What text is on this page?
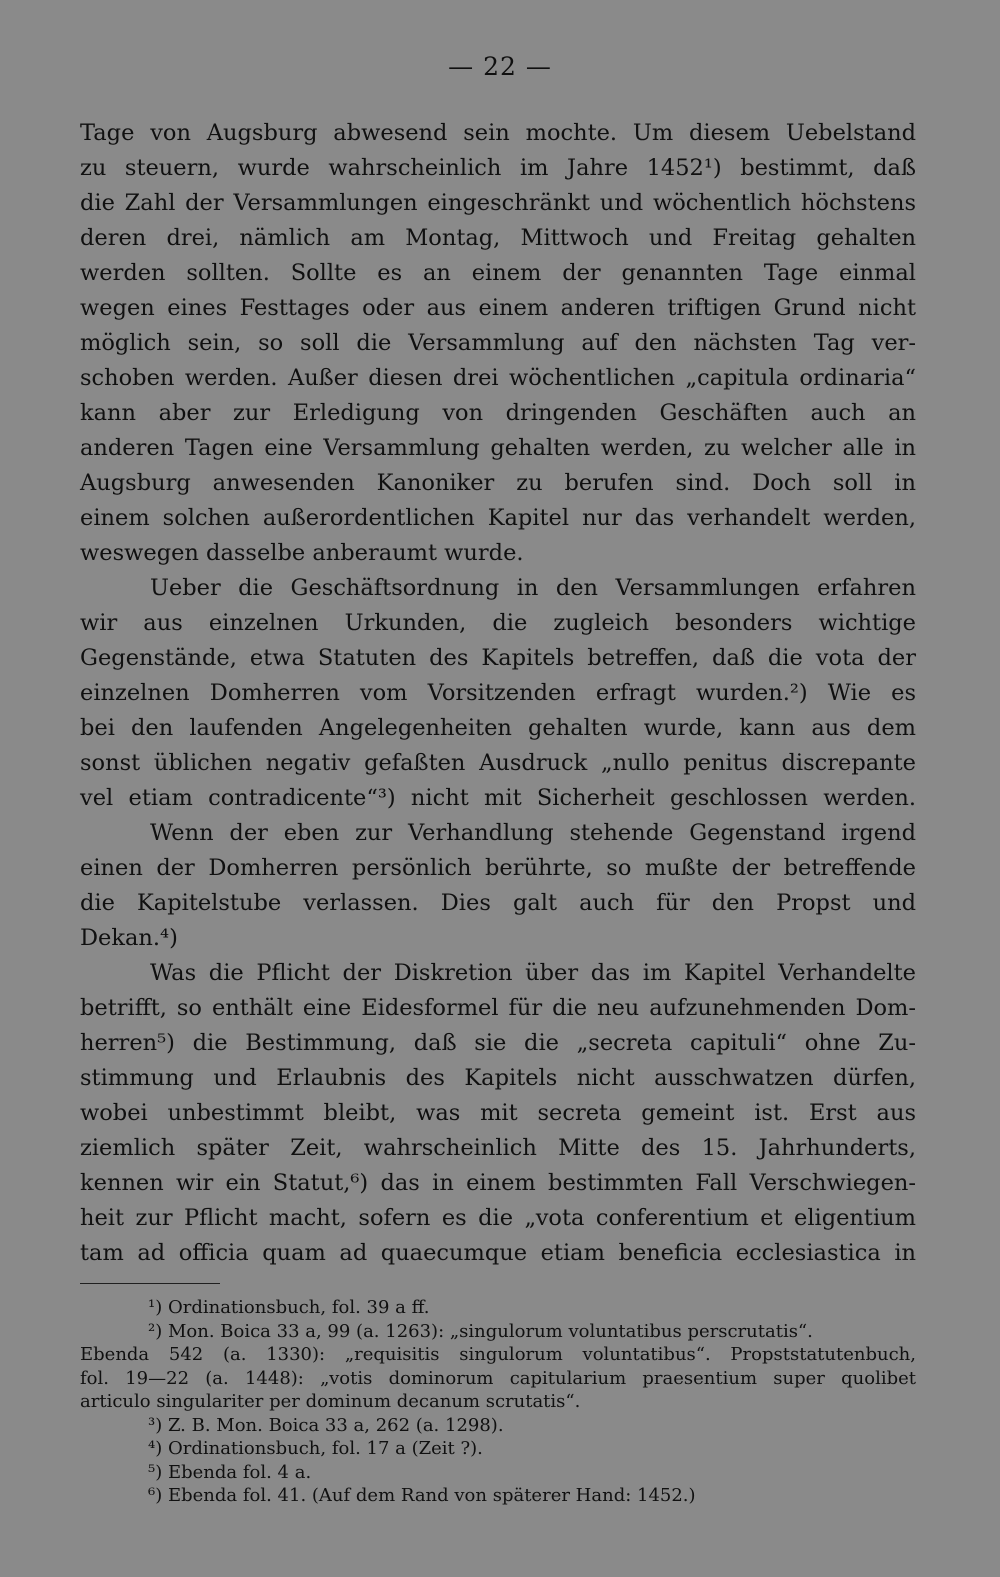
— 22 —
Tage von Augsburg abwesend sein mochte. Um diesem Uebelstand
zu steuern, wurde wahrscheinlich im Jahre 1452¹) bestimmt, daß
die Zahl der Versammlungen eingeschränkt und wöchentlich höchstens
deren drei, nämlich am Montag, Mittwoch und Freitag gehalten
werden sollten. Sollte es an einem der genannten Tage einmal
wegen eines Festtages oder aus einem anderen triftigen Grund nicht
möglich sein, so soll die Versammlung auf den nächsten Tag ver-
schoben werden. Außer diesen drei wöchentlichen „capitula ordinaria“
kann aber zur Erledigung von dringenden Geschäften auch an
anderen Tagen eine Versammlung gehalten werden, zu welcher alle in
Augsburg anwesenden Kanoniker zu berufen sind. Doch soll in
einem solchen außerordentlichen Kapitel nur das verhandelt werden,
weswegen dasselbe anberaumt wurde.
Ueber die Geschäftsordnung in den Versammlungen erfahren
wir aus einzelnen Urkunden, die zugleich besonders wichtige
Gegenstände, etwa Statuten des Kapitels betreffen, daß die vota der
einzelnen Domherren vom Vorsitzenden erfragt wurden.²) Wie es
bei den laufenden Angelegenheiten gehalten wurde, kann aus dem
sonst üblichen negativ gefaßten Ausdruck „nullo penitus discrepante
vel etiam contradicente“³) nicht mit Sicherheit geschlossen werden.
Wenn der eben zur Verhandlung stehende Gegenstand irgend
einen der Domherren persönlich berührte, so mußte der betreffende
die Kapitelstube verlassen. Dies galt auch für den Propst und
Dekan.⁴)
Was die Pflicht der Diskretion über das im Kapitel Verhandelte
betrifft, so enthält eine Eidesformel für die neu aufzunehmenden Dom-
herren⁵) die Bestimmung, daß sie die „secreta capituli“ ohne Zu-
stimmung und Erlaubnis des Kapitels nicht ausschwatzen dürfen,
wobei unbestimmt bleibt, was mit secreta gemeint ist. Erst aus
ziemlich später Zeit, wahrscheinlich Mitte des 15. Jahrhunderts,
kennen wir ein Statut,⁶) das in einem bestimmten Fall Verschwiegen-
heit zur Pflicht macht, sofern es die „vota conferentium et eligentium
tam ad officia quam ad quaecumque etiam beneficia ecclesiastica in
¹) Ordinationsbuch, fol. 39 a ff.
²) Mon. Boica 33 a, 99 (a. 1263): „singulorum voluntatibus perscrutatis“.
Ebenda 542 (a. 1330): „requisitis singulorum voluntatibus“. Propststatutenbuch,
fol. 19—22 (a. 1448): „votis dominorum capitularium praesentium super quolibet
articulo singulariter per dominum decanum scrutatis“.
³) Z. B. Mon. Boica 33 a, 262 (a. 1298).
⁴) Ordinationsbuch, fol. 17 a (Zeit ?).
⁵) Ebenda fol. 4 a.
⁶) Ebenda fol. 41. (Auf dem Rand von späterer Hand: 1452.)
